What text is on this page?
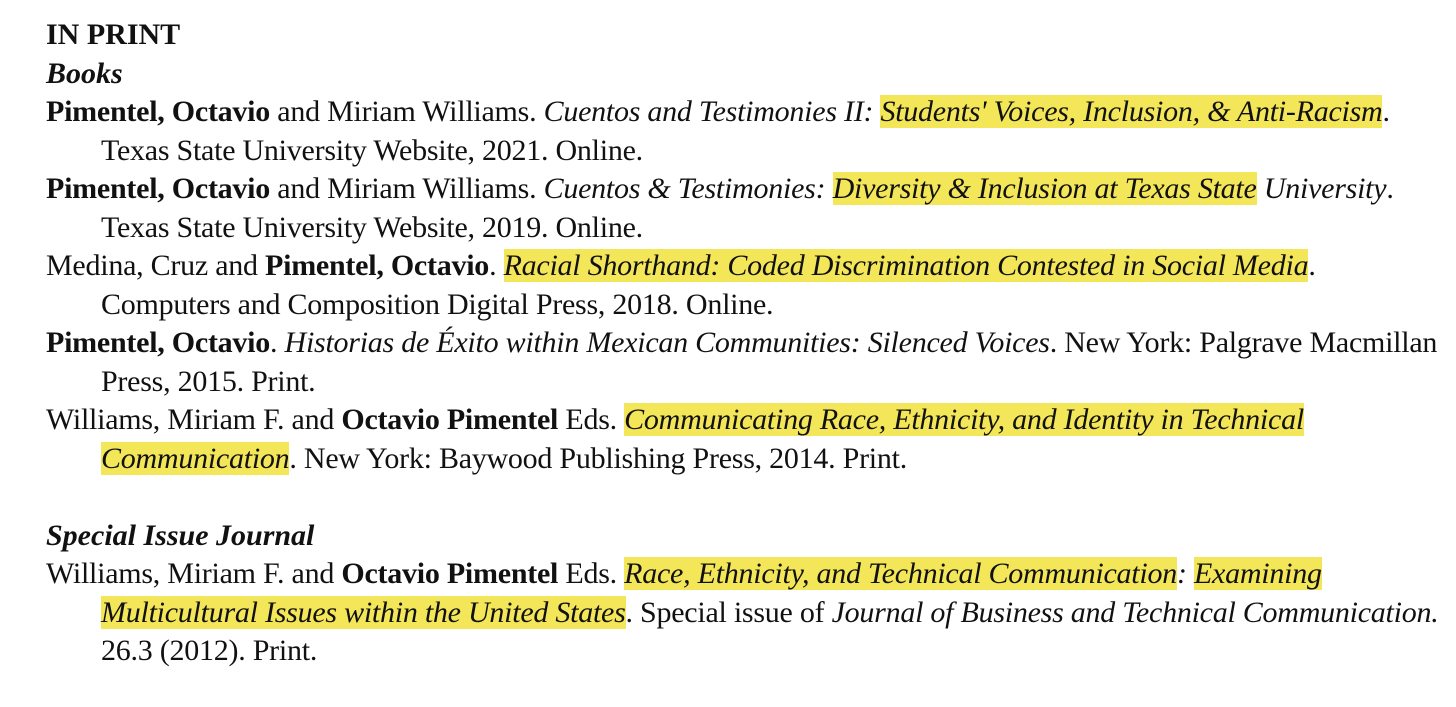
IN PRINT
Books
Pimentel, Octavio and Miriam Williams. Cuentos and Testimonies II: Students' Voices, Inclusion, & Anti-Racism. Texas State University Website, 2021. Online.
Pimentel, Octavio and Miriam Williams. Cuentos & Testimonies: Diversity & Inclusion at Texas State University. Texas State University Website, 2019. Online.
Medina, Cruz and Pimentel, Octavio. Racial Shorthand: Coded Discrimination Contested in Social Media. Computers and Composition Digital Press, 2018. Online.
Pimentel, Octavio. Historias de Éxito within Mexican Communities: Silenced Voices. New York: Palgrave Macmillan Press, 2015. Print.
Williams, Miriam F. and Octavio Pimentel Eds. Communicating Race, Ethnicity, and Identity in Technical Communication. New York: Baywood Publishing Press, 2014. Print.
Special Issue Journal
Williams, Miriam F. and Octavio Pimentel Eds. Race, Ethnicity, and Technical Communication: Examining Multicultural Issues within the United States. Special issue of Journal of Business and Technical Communication. 26.3 (2012). Print.
